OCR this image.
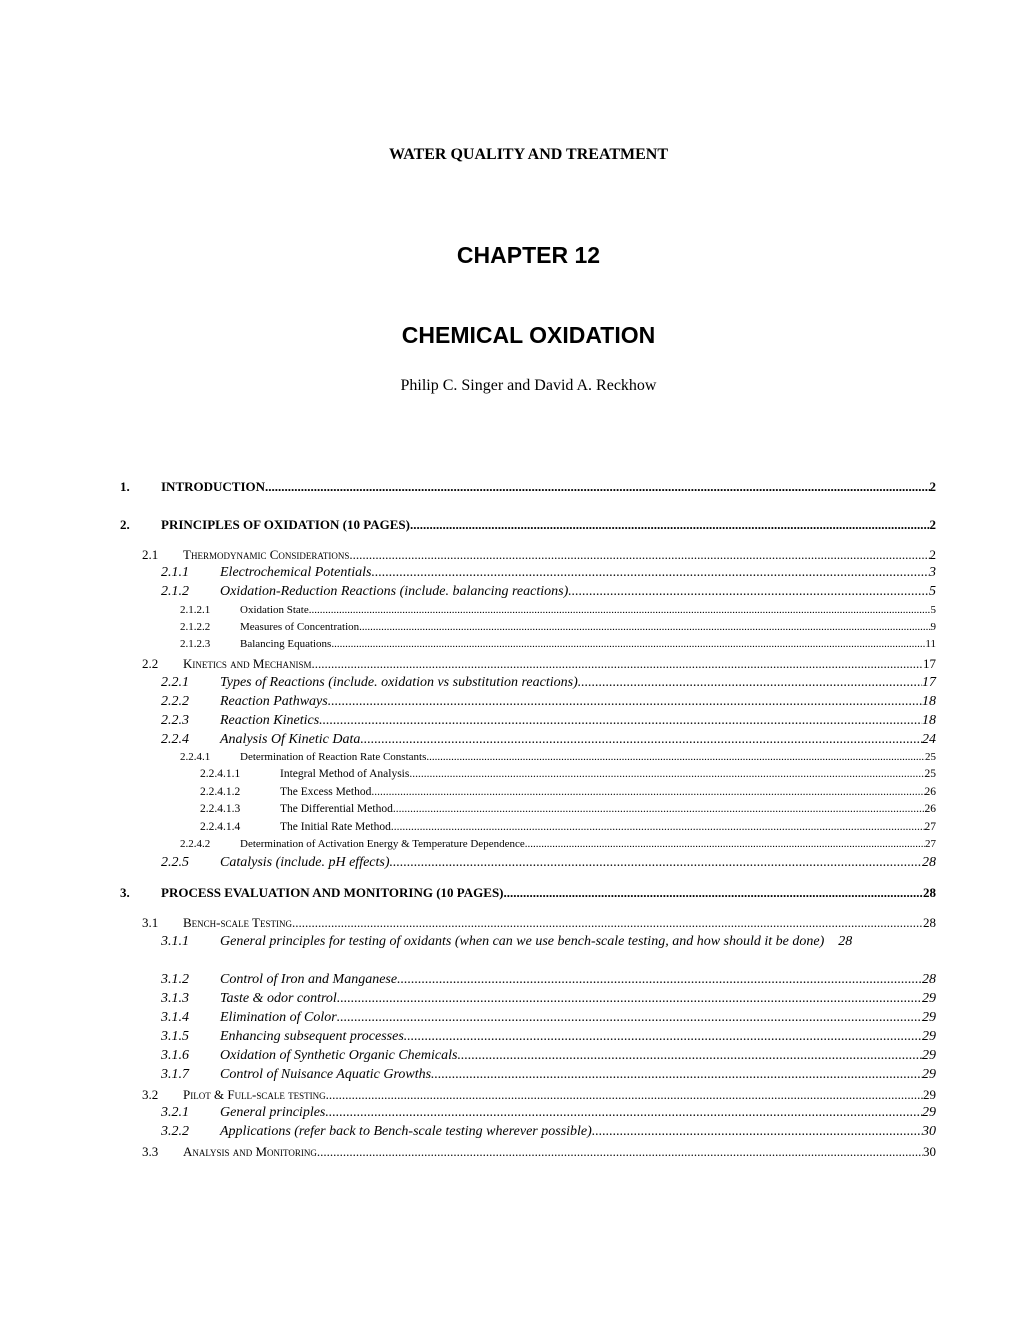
WATER QUALITY AND TREATMENT
CHAPTER 12
CHEMICAL OXIDATION
Philip C. Singer and David A. Reckhow
1.	INTRODUCTION .....	2
2.	PRINCIPLES OF OXIDATION (10 PAGES) .....	2
2.1	Thermodynamic Considerations .....	2
2.1.1	Electrochemical Potentials .....	3
2.1.2	Oxidation-Reduction Reactions (include. balancing reactions) .....	5
2.1.2.1	Oxidation State .....	5
2.1.2.2	Measures of Concentration .....	9
2.1.2.3	Balancing Equations .....	11
2.2	Kinetics and Mechanism .....	17
2.2.1	Types of Reactions (include. oxidation vs substitution reactions) .....	17
2.2.2	Reaction Pathways .....	18
2.2.3	Reaction Kinetics .....	18
2.2.4	Analysis Of Kinetic Data .....	24
2.2.4.1	Determination of Reaction Rate Constants .....	25
2.2.4.1.1	Integral Method of Analysis .....	25
2.2.4.1.2	The Excess Method .....	26
2.2.4.1.3	The Differential Method .....	26
2.2.4.1.4	The Initial Rate Method .....	27
2.2.4.2	Determination of Activation Energy & Temperature Dependence .....	27
2.2.5	Catalysis (include. pH effects) .....	28
3.	PROCESS EVALUATION AND MONITORING (10 PAGES) .....	28
3.1	Bench-scale Testing .....	28
3.1.1 General principles for testing of oxidants (when can we use bench-scale testing, and how should it be done) 28
3.1.2	Control of Iron and Manganese .....	28
3.1.3	Taste & odor control .....	29
3.1.4	Elimination of Color .....	29
3.1.5	Enhancing subsequent processes .....	29
3.1.6	Oxidation of Synthetic Organic Chemicals .....	29
3.1.7	Control of Nuisance Aquatic Growths .....	29
3.2	Pilot & Full-scale testing .....	29
3.2.1	General principles .....	29
3.2.2	Applications (refer back to Bench-scale testing wherever possible) .....	30
3.3	Analysis and Monitoring .....	30
